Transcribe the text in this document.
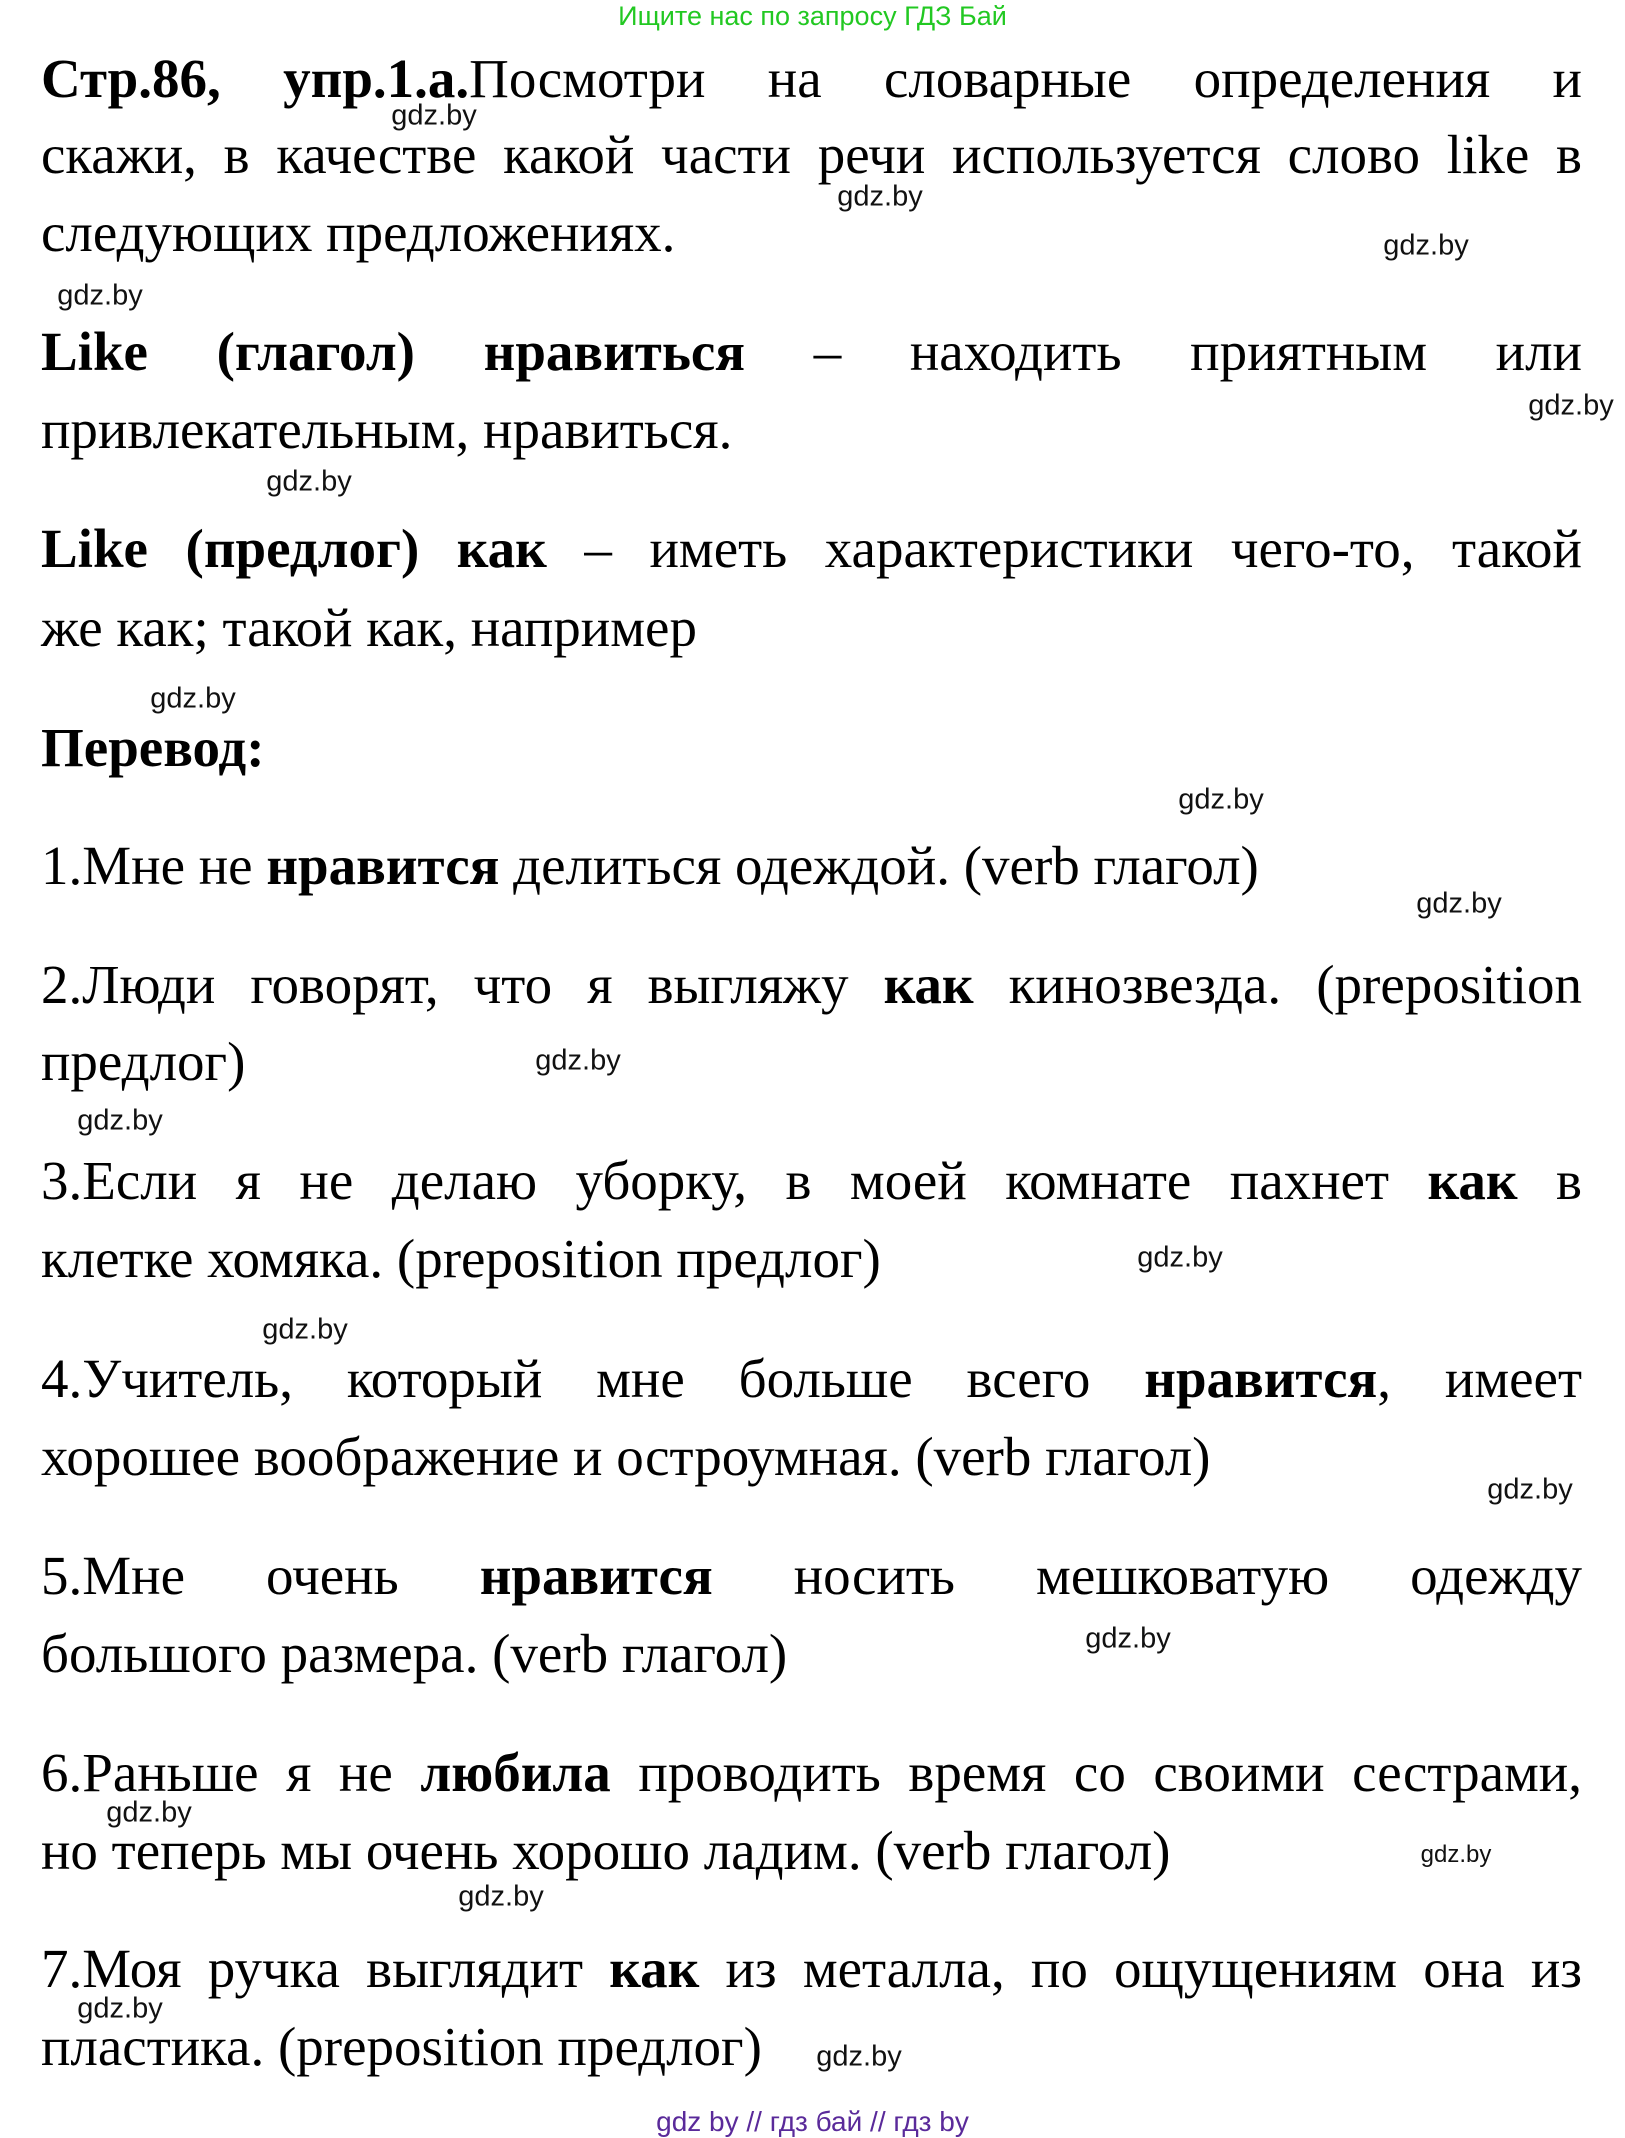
Ищите нас по запросу ГДЗ Бай
Стр.86, упр.1.а.Посмотри на словарные определения и
скажи, в качестве какой части речи используется слово like в
следующих предложениях.
Like (глагол) нравиться – находить приятным или
привлекательным, нравиться.
Like (предлог) как – иметь характеристики чего-то, такой
же как; такой как, например
Перевод:
1.Мне не нравится делиться одеждой. (verb глагол)
2.Люди говорят, что я выгляжу как кинозвезда. (preposition
предлог)
3.Если я не делаю уборку, в моей комнате пахнет как в
клетке хомяка. (preposition предлог)
4.Учитель, который мне больше всего нравится, имеет
хорошее воображение и остроумная. (verb глагол)
5.Мне очень нравится носить мешковатую одежду
большого размера. (verb глагол)
6.Раньше я не любила проводить время со своими сестрами,
но теперь мы очень хорошо ладим. (verb глагол)
7.Моя ручка выглядит как из металла, по ощущениям она из
пластика. (preposition предлог)
gdz.by
gdz.by
gdz.by
gdz.by
gdz.by
gdz.by
gdz.by
gdz.by
gdz.by
gdz.by
gdz.by
gdz.by
gdz.by
gdz.by
gdz.by
gdz.by
gdz.by
gdz.by
gdz.by
gdz.by
gdz by // гдз бай // гдз by
